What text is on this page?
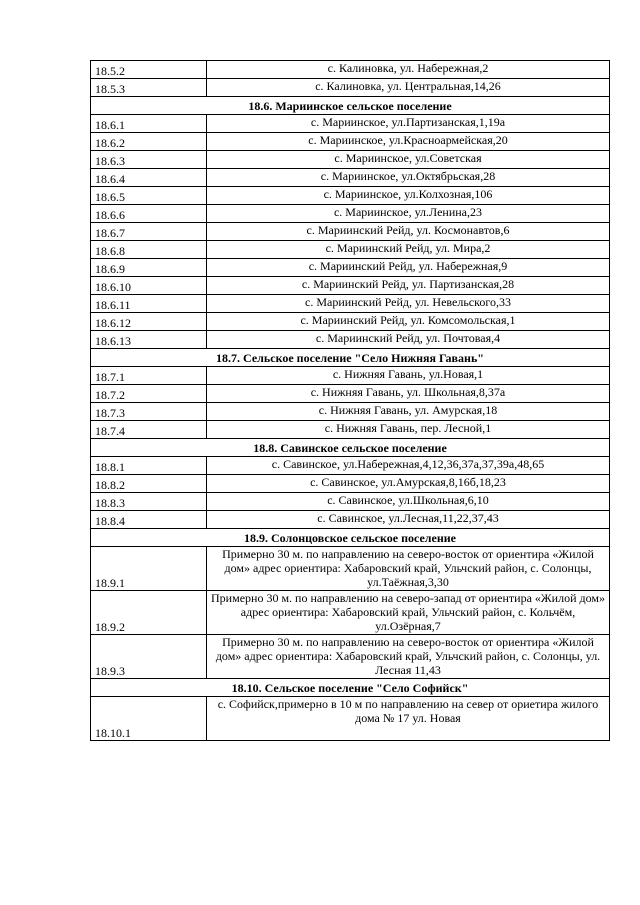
18.5.2	с. Калиновка, ул. Набережная,2
18.5.3	с. Калиновка, ул. Центральная,14,26
18.6. Мариинское сельское поселение	
18.6.1	с. Мариинское, ул.Партизанская,1,19а
18.6.2	с. Мариинское, ул.Красноармейская,20
18.6.3	с. Мариинское, ул.Советская
18.6.4	с. Мариинское, ул.Октябрьская,28
18.6.5	с. Мариинское, ул.Колхозная,106
18.6.6	с. Мариинское, ул.Ленина,23
18.6.7	с. Мариинский Рейд, ул. Космонавтов,6
18.6.8	с. Мариинский Рейд, ул. Мира,2
18.6.9	с. Мариинский Рейд, ул. Набережная,9
18.6.10	с. Мариинский Рейд, ул. Партизанская,28
18.6.11	с. Мариинский Рейд, ул. Невельского,33
18.6.12	с. Мариинский Рейд, ул. Комсомольская,1
18.6.13	с. Мариинский Рейд, ул. Почтовая,4
18.7. Сельское поселение "Село Нижняя Гавань"	
18.7.1	с. Нижняя Гавань, ул.Новая,1
18.7.2	с. Нижняя Гавань, ул. Школьная,8,37а
18.7.3	с. Нижняя Гавань, ул. Амурская,18
18.7.4	с. Нижняя Гавань, пер. Лесной,1
18.8. Савинское сельское поселение	
18.8.1	с. Савинское, ул.Набережная,4,12,36,37а,37,39а,48,65
18.8.2	с. Савинское, ул.Амурская,8,16б,18,23
18.8.3	с. Савинское, ул.Школьная,6,10
18.8.4	с. Савинское, ул.Лесная,11,22,37,43
18.9. Солонцовское сельское поселение	
18.9.1	Примерно 30 м. по направлению на северо-восток от ориентира «Жилой дом» адрес ориентира: Хабаровский край, Ульчский район, с. Солонцы, ул.Таёжная,3,30
18.9.2	Примерно 30 м. по направлению на северо-запад от ориентира «Жилой дом» адрес ориентира: Хабаровский край, Ульчский район, с. Кольчём, ул.Озёрная,7
18.9.3	Примерно 30 м. по направлению на северо-восток от ориентира «Жилой дом» адрес ориентира: Хабаровский край, Ульчский район, с. Солонцы, ул. Лесная 11,43
18.10. Сельское поселение "Село Софийск"	
18.10.1	с. Софийск,примерно в 10 м по направлению на север от ориетира жилого дома № 17 ул. Новая
